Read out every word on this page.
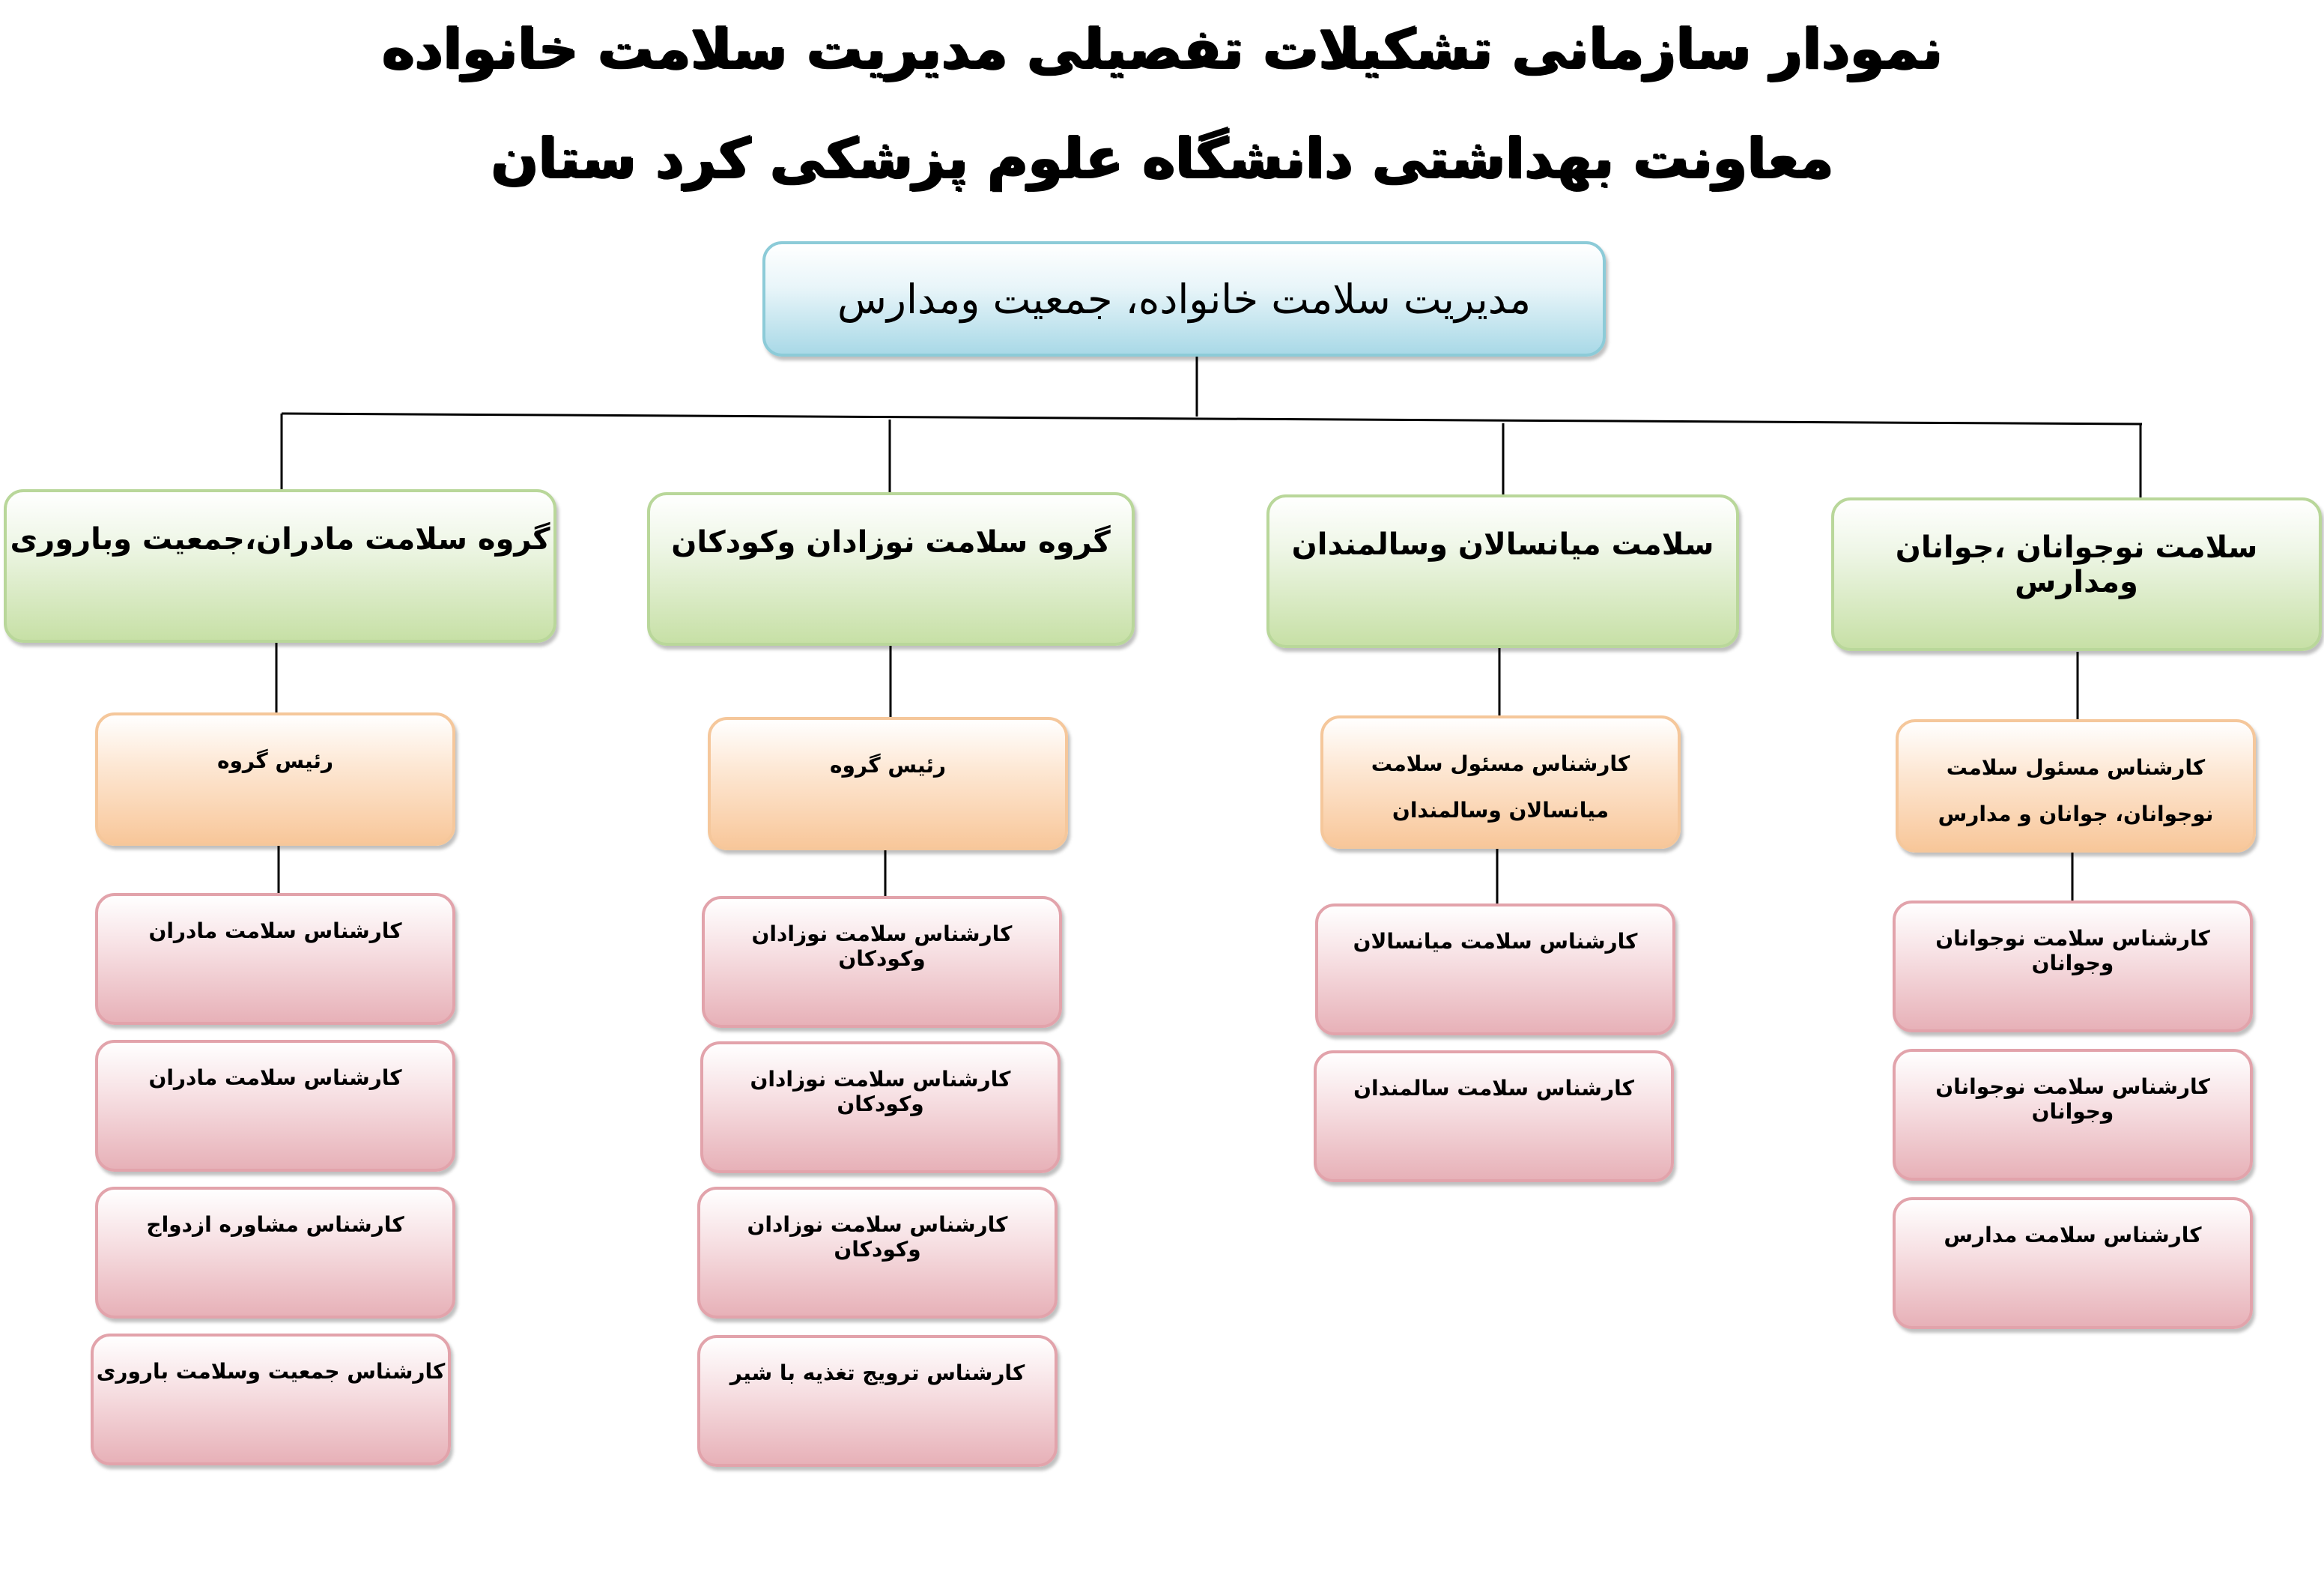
نمودار سازمانی تشکیلات تفصیلی مدیریت سلامت خانواده
معاونت بهداشتی دانشگاه علوم پزشکی کرد ستان
مدیریت سلامت خانواده، جمعیت ومدارس
گروه سلامت مادران،جمعیت وباروری
رئیس گروه
کارشناس سلامت مادران
کارشناس سلامت مادران
کارشناس مشاوره ازدواج
کارشناس جمعیت وسلامت باروری
گروه سلامت نوزادان وکودکان
رئیس گروه
کارشناس سلامت نوزادان وکودکان
کارشناس سلامت نوزادان وکودکان
کارشناس سلامت نوزادان وکودکان
کارشناس ترویج تغذیه با شیر
سلامت میانسالان وسالمندان
کارشناس مسئول سلامت میانسالان وسالمندان
کارشناس سلامت میانسالان
کارشناس سلامت سالمندان
سلامت نوجوانان ،جوانان ومدارس
کارشناس مسئول سلامت نوجوانان، جوانان و مدارس
کارشناس سلامت نوجوانان وجوانان
کارشناس سلامت نوجوانان وجوانان
کارشناس سلامت مدارس
